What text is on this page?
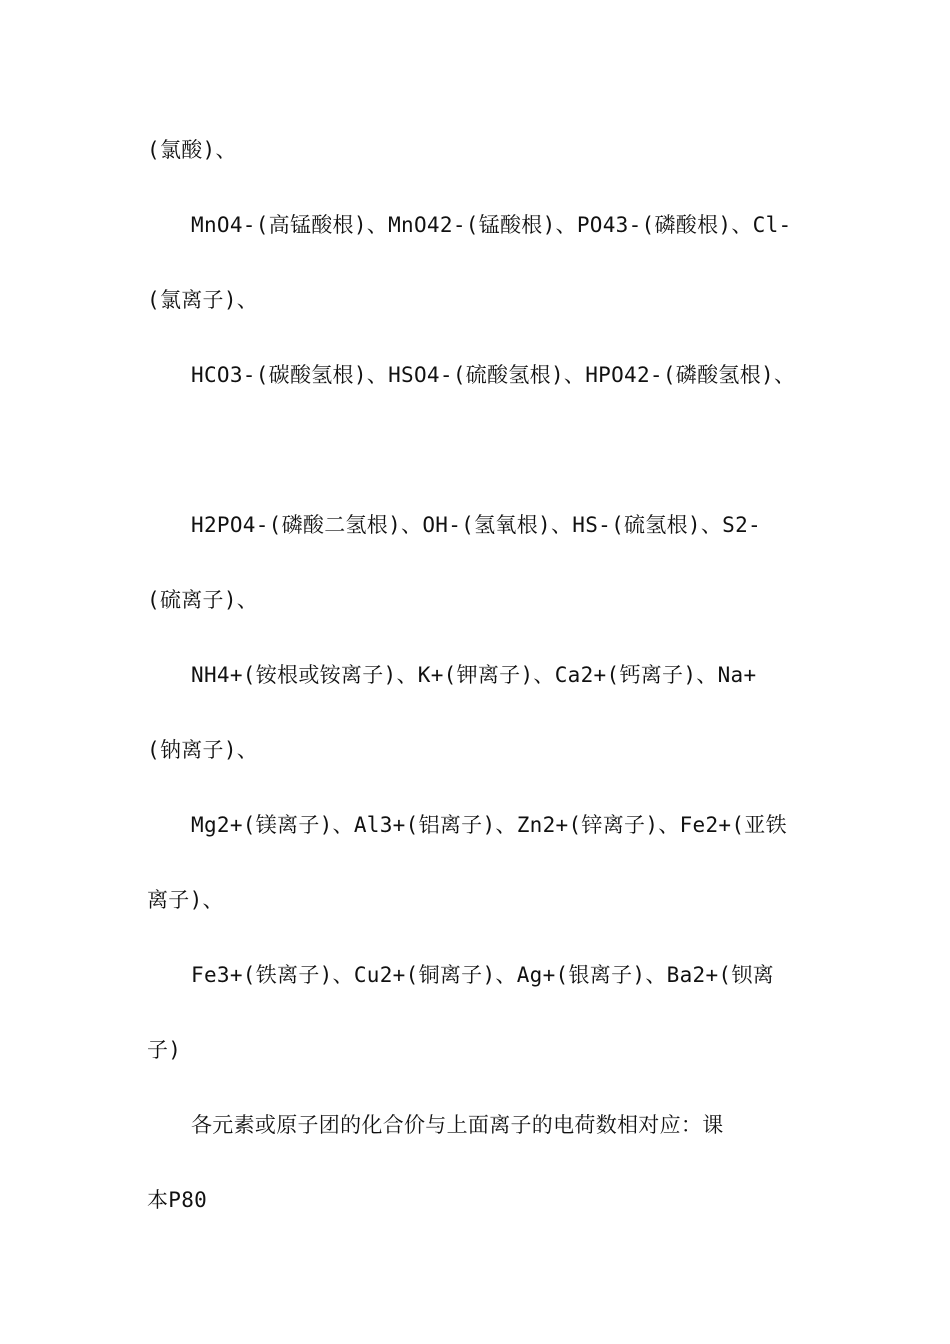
(氯酸)、
MnO4-(高锰酸根)、MnO42-(锰酸根)、PO43-(磷酸根)、Cl-
(氯离子)、
HCO3-(碳酸氢根)、HSO4-(硫酸氢根)、HPO42-(磷酸氢根)、
H2PO4-(磷酸二氢根)、OH-(氢氧根)、HS-(硫氢根)、S2-
(硫离子)、
NH4+(铵根或铵离子)、K+(钾离子)、Ca2+(钙离子)、Na+
(钠离子)、
Mg2+(镁离子)、Al3+(铝离子)、Zn2+(锌离子)、Fe2+(亚铁
离子)、
Fe3+(铁离子)、Cu2+(铜离子)、Ag+(银离子)、Ba2+(钡离
子)
各元素或原子团的化合价与上面离子的电荷数相对应：课
本P80
